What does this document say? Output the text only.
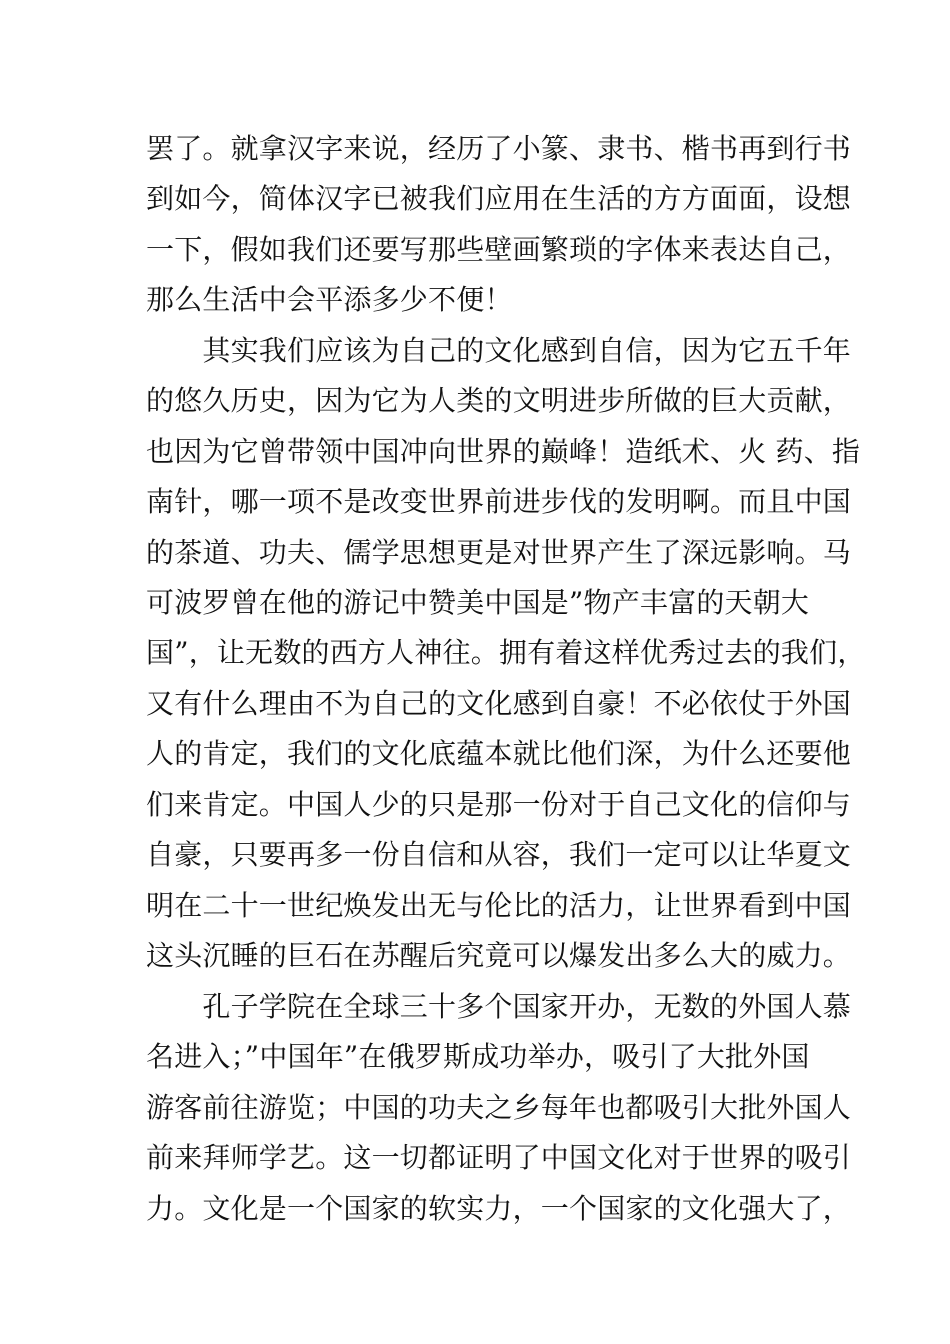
罢了。就拿汉字来说，经历了小篆、隶书、楷书再到行书
到如今，简体汉字已被我们应用在生活的方方面面，设想
一下，假如我们还要写那些壁画繁琐的字体来表达自己，
那么生活中会平添多少不便！
　　其实我们应该为自己的文化感到自信，因为它五千年
的悠久历史，因为它为人类的文明进步所做的巨大贡献，
也因为它曾带领中国冲向世界的巅峰！造纸术、火 药、指
南针，哪一项不是改变世界前进步伐的发明啊。而且中国
的茶道、功夫、儒学思想更是对世界产生了深远影响。马
可波罗曾在他的游记中赞美中国是”物产丰富的天朝大
国”，让无数的西方人神往。拥有着这样优秀过去的我们，
又有什么理由不为自己的文化感到自豪！不必依仗于外国
人的肯定，我们的文化底蕴本就比他们深，为什么还要他
们来肯定。中国人少的只是那一份对于自己文化的信仰与
自豪，只要再多一份自信和从容，我们一定可以让华夏文
明在二十一世纪焕发出无与伦比的活力，让世界看到中国
这头沉睡的巨石在苏醒后究竟可以爆发出多么大的威力。
　　孔子学院在全球三十多个国家开办，无数的外国人慕
名进入；”中国年”在俄罗斯成功举办，吸引了大批外国
游客前往游览；中国的功夫之乡每年也都吸引大批外国人
前来拜师学艺。这一切都证明了中国文化对于世界的吸引
力。文化是一个国家的软实力，一个国家的文化强大了，
